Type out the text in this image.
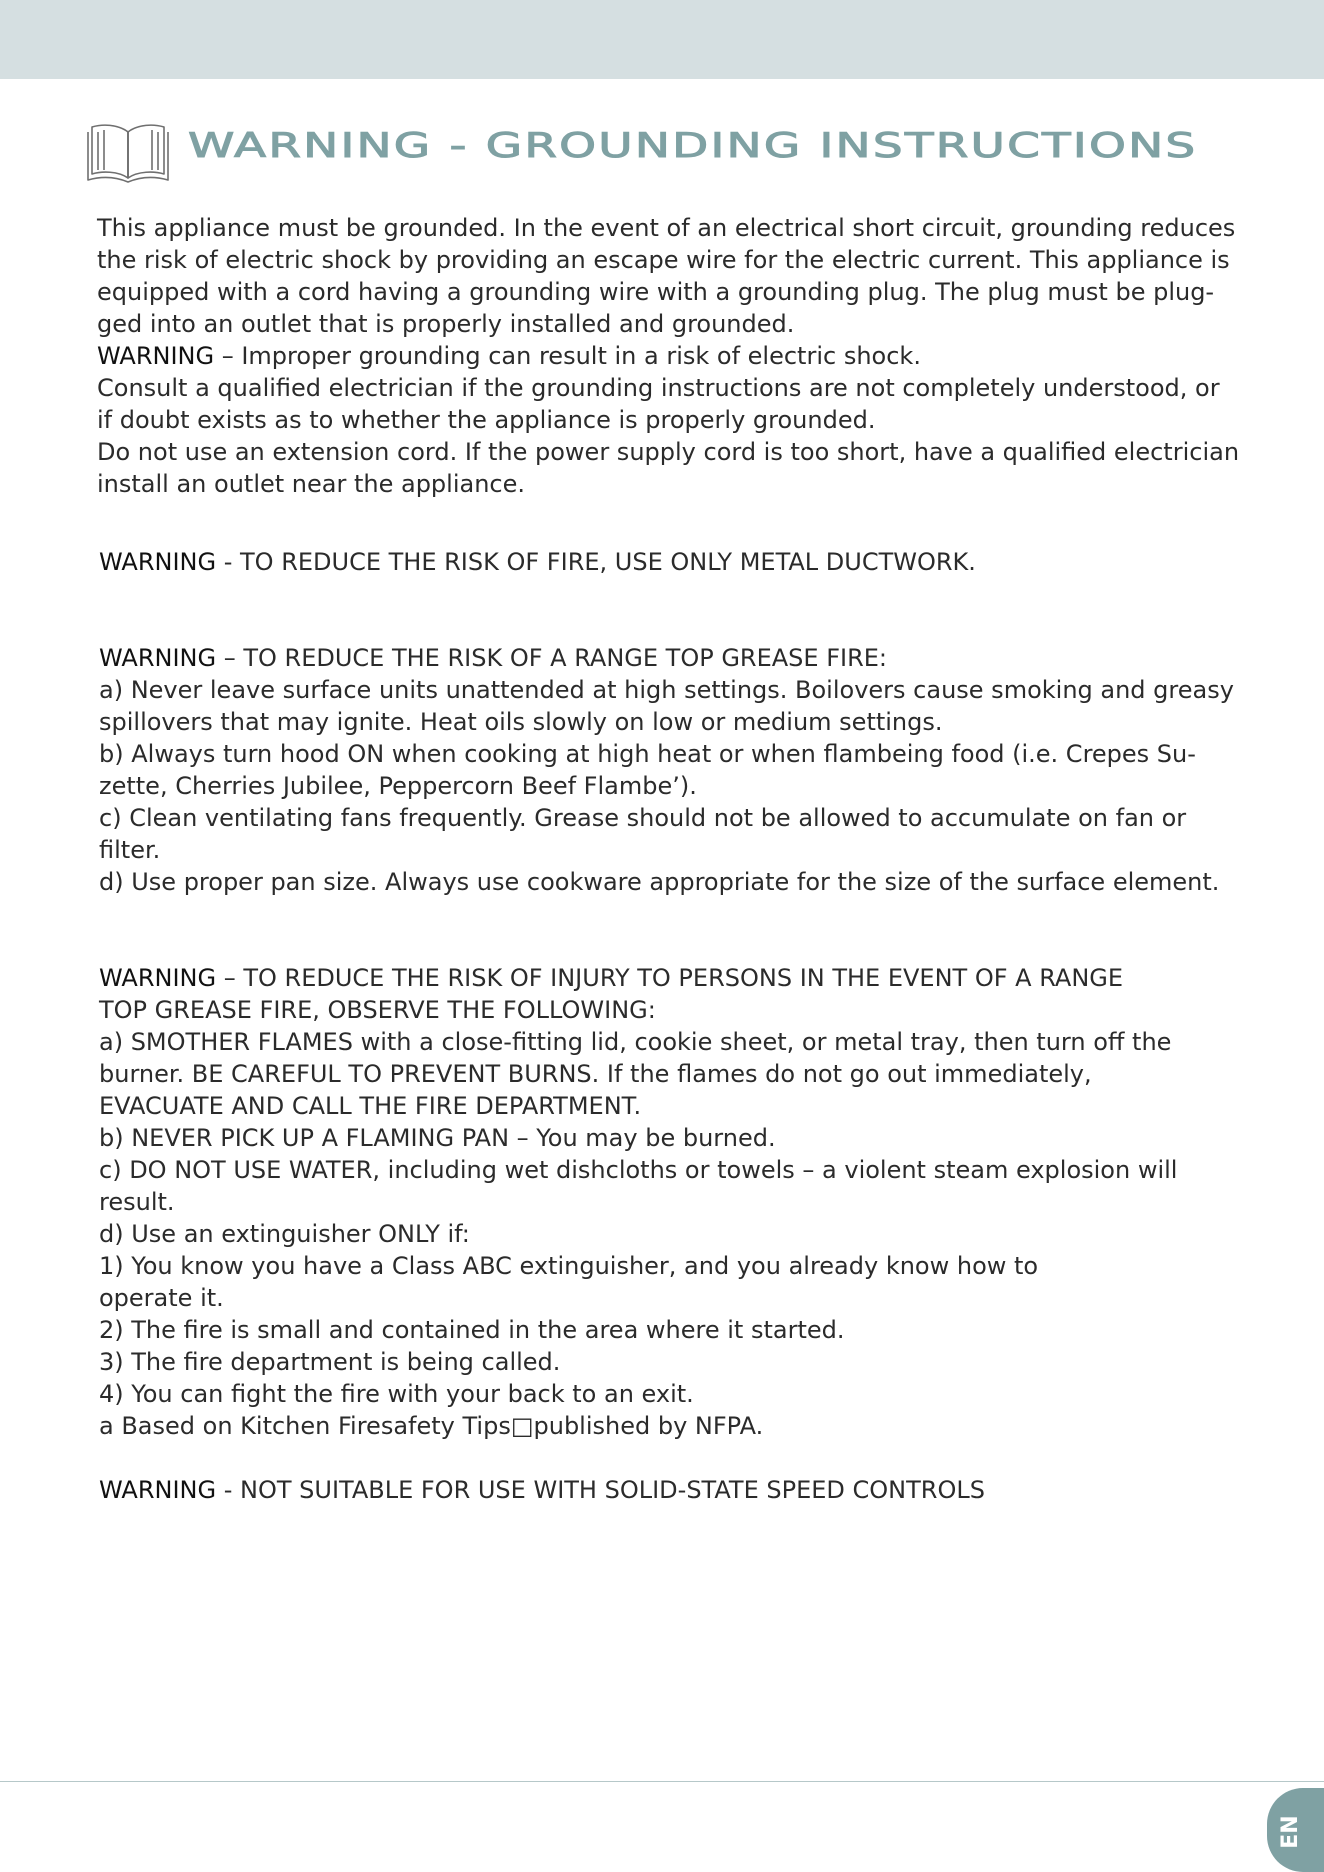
WARNING - GROUNDING INSTRUCTIONS

This appliance must be grounded. In the event of an electrical short circuit, grounding reduces
the risk of electric shock by providing an escape wire for the electric current. This appliance is
equipped with a cord having a grounding wire with a grounding plug. The plug must be plug-
ged into an outlet that is properly installed and grounded.
WARNING – Improper grounding can result in a risk of electric shock.
Consult a qualified electrician if the grounding instructions are not completely understood, or
if doubt exists as to whether the appliance is properly grounded.
Do not use an extension cord. If the power supply cord is too short, have a qualified electrician
install an outlet near the appliance.

WARNING - TO REDUCE THE RISK OF FIRE, USE ONLY METAL DUCTWORK.

WARNING – TO REDUCE THE RISK OF A RANGE TOP GREASE FIRE:
a) Never leave surface units unattended at high settings. Boilovers cause smoking and greasy
spillovers that may ignite. Heat oils slowly on low or medium settings.
b) Always turn hood ON when cooking at high heat or when flambeing food (i.e. Crepes Su-
zette, Cherries Jubilee, Peppercorn Beef Flambe’).
c) Clean ventilating fans frequently. Grease should not be allowed to accumulate on fan or
filter.
d) Use proper pan size. Always use cookware appropriate for the size of the surface element.

WARNING – TO REDUCE THE RISK OF INJURY TO PERSONS IN THE EVENT OF A RANGE
TOP GREASE FIRE, OBSERVE THE FOLLOWING:
a) SMOTHER FLAMES with a close-fitting lid, cookie sheet, or metal tray, then turn off the
burner. BE CAREFUL TO PREVENT BURNS. If the flames do not go out immediately,
EVACUATE AND CALL THE FIRE DEPARTMENT.
b) NEVER PICK UP A FLAMING PAN – You may be burned.
c) DO NOT USE WATER, including wet dishcloths or towels – a violent steam explosion will
result.
d) Use an extinguisher ONLY if:
1) You know you have a Class ABC extinguisher, and you already know how to
operate it.
2) The fire is small and contained in the area where it started.
3) The fire department is being called.
4) You can fight the fire with your back to an exit.
a Based on Kitchen Firesafety Tips□published by NFPA.

WARNING - NOT SUITABLE FOR USE WITH SOLID-STATE SPEED CONTROLS

EN
